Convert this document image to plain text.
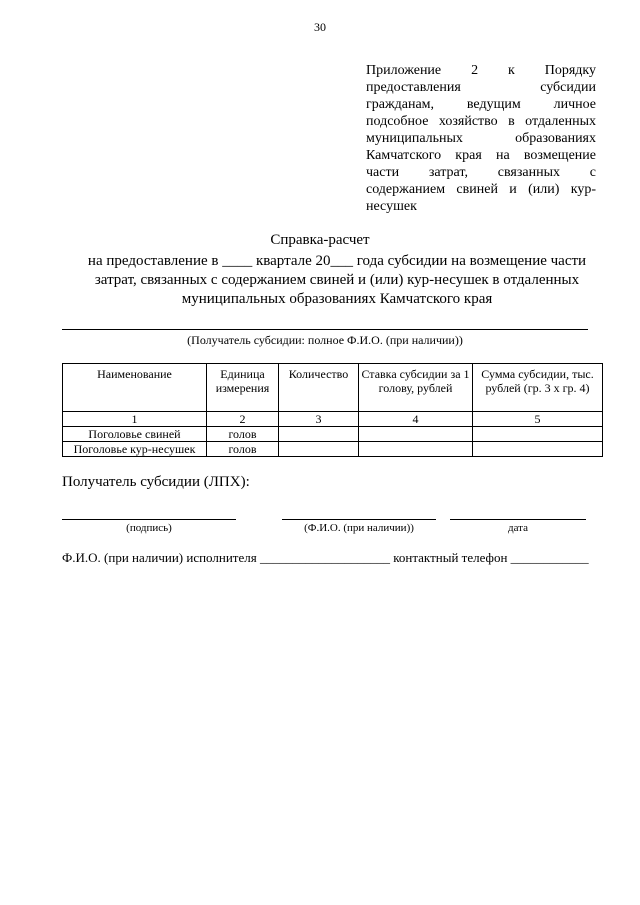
30
Приложение 2 к Порядку
предоставления субсидии
гражданам, ведущим личное
подсобное хозяйство в отдаленных
муниципальных образованиях
Камчатского края на возмещение
части затрат, связанных с
содержанием свиней и (или) кур-
несушек
Справка-расчет
на предоставление в ____ квартале 20___ года субсидии на возмещение части затрат, связанных с содержанием свиней и (или) кур-несушек в отдаленных муниципальных образованиях Камчатского края
(Получатель субсидии: полное Ф.И.О. (при наличии))
Наименование	Единица измерения	Количество	Ставка субсидии за 1 голову, рублей	Сумма субсидии, тыс. рублей (гр. 3 х гр. 4)
1	2	3	4	5
Поголовье свиней	голов			
Поголовье кур-несушек	голов			
Получатель субсидии (ЛПХ):
(подпись)	(Ф.И.О. (при наличии))	дата
Ф.И.О. (при наличии) исполнителя ____________________ контактный телефон ____________
